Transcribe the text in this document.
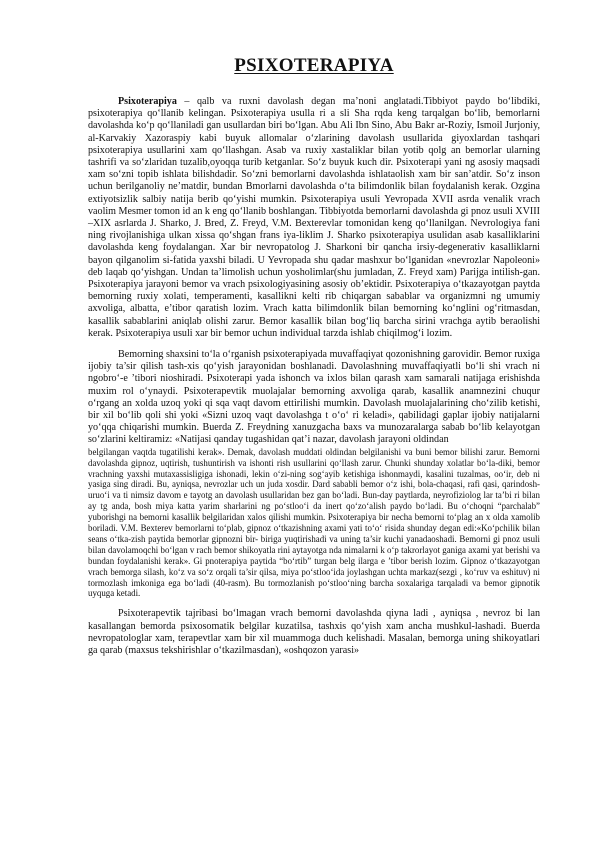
PSIXOTERAPIYA

Psixoterapiya – qalb va ruxni davolash degan ma’noni anglatadi.Tibbiyot paydo bo‘libdiki, psixoterapiya qo‘llanib kelingan. Psixoterapiya usulla ri a sli Sha rqda keng tarqalgan bo‘lib, bemorlarni davolashda ko‘p qo‘llaniladi gan usullardan biri bo‘lgan. Abu Ali Ibn Sino, Abu Bakr ar-Roziy, Ismoil Jurjoniy, al-Karvakiy Xazoraspiy kabi buyuk allomalar o‘zlarining davolash usullarida giyoxlardan tashqari psixoterapiya usullarini xam qo‘llashgan. Asab va ruxiy xastaliklar bilan yotib qolg an bemorlar ularning tashrifi va so‘zlaridan tuzalib,oyoqqa turib ketganlar. So‘z buyuk kuch dir. Psixoterapi yani ng asosiy maqsadi xam so‘zni topib ishlata bilishdadir. So‘zni bemorlarni davolashda ishlataolish xam bir san’atdir. So‘z inson uchun berilganoliy ne’matdir, bundan Bmorlarni davolashda o‘ta bilimdonlik bilan foydalanish kerak. Ozgina extiyotsizlik salbiy natija berib qo‘yishi mumkin. Psixoterapiya usuli Yevropada XVII asrda venalik vrach vaolim Mesmer tomon id an k eng qo‘llanib boshlangan. Tibbiyotda bemorlarni davolashda gi pnoz usuli XVIII –XIX asrlarda J. Sharko, J. Bred, Z. Freyd, V.M. Bexterevlar tomonidan keng qo‘llanilgan. Nevrologiya fani ning rivojlanishiga ulkan xissa qo‘shgan frans iya-liklim J. Sharko psixoterapiya usulidan asab kasalliklarini davolashda keng foydalangan. Xar bir nevropatolog J. Sharkoni bir qancha irsiy-degenerativ kasalliklarni bayon qilganolim si-fatida yaxshi biladi. U Yevropada shu qadar mashxur bo‘lganidan «nevrozlar Napoleoni» deb laqab qo‘yishgan. Undan ta’limolish uchun yosholimlar(shu jumladan, Z. Freyd xam) Parijga intilish-gan. Psixoterapiya jarayoni bemor va vrach psixologiyasining asosiy ob’ektidir. Psixoterapiya o‘tkazayotgan paytda bemorning ruxiy xolati, temperamenti, kasallikni kelti rib chiqargan sabablar va organizmni ng umumiy axvoliga, albatta, e’tibor qaratish lozim. Vrach katta bilimdonlik bilan bemorning ko‘nglini og‘ritmasdan, kasallik sabablarini aniqlab olishi zarur. Bemor kasallik bilan bog‘liq barcha sirini vrachga aytib beraolishi kerak. Psixoterapiya usuli xar bir bemor uchun individual tarzda ishlab chiqilmog‘i lozim.

Bemorning shaxsini to‘la o‘rganish psixoterapiyada muvaffaqiyat qozonishning garovidir. Bemor ruxiga ijobiy ta’sir qilish tash-xis qo‘yish jarayonidan boshlanadi. Davolashning muvaffaqiyatli bo‘li shi vrach ni ngobro‘-e ’tibori nioshiradi. Psixoterapi yada ishonch va ixlos bilan qarash xam samarali natijaga erishishda muxim rol o‘ynaydi. Psixoterapevtik muolajalar bemorning axvoliga qarab, kasallik anamnezini chuqur o‘rgang an xolda uzoq yoki qi sqa vaqt davom ettirilishi mumkin. Davolash muolajalarining cho‘zilib ketishi, bir xil bo‘lib qoli shi yoki «Sizni uzoq vaqt davolashga t o‘o‘ ri keladi», qabilidagi gaplar ijobiy natijalarni yo‘qqa chiqarishi mumkin. Buerda Z. Freydning xanuzgacha baxs va munozaralarga sabab bo‘lib kelayotgan so‘zlarini keltiramiz: «Natijasi qanday tugashidan qat’i nazar, davolash jarayoni oldindan

belgilangan vaqtda tugatilishi kerak». Demak, davolash muddati oldindan belgilanishi va buni bemor bilishi zarur. Bemorni davolashda gipnoz, uqtirish, tushuntirish va ishonti rish usullarini qo‘llash zarur. Chunki shunday xolatlar bo‘la-diki, bemor vrachning yaxshi mutaxassisligiga ishonadi, lekin o‘zi-ning sog‘ayib ketishiga ishonmaydi, kasalini tuzalmas, oo‘ir, deb ni yasiga sing diradi. Bu, ayniqsa, nevrozlar uch un juda xosdir. Dard sababli bemor o‘z ishi, bola-chaqasi, rafi qasi, qarindosh- uruo‘i va ti nimsiz davom e tayotg an davolash usullaridan bez gan bo‘ladi. Bun-day paytlarda, neyrofiziolog lar ta’bi ri bilan ay tg anda, bosh miya katta yarim sharlarini ng po‘stloo‘i da inert qo‘zo‘alish paydo bo‘ladi. Bu o‘choqni “parchalab” yuborishgi na bemorni kasallik belgilaridan xalos qilishi mumkin. Psixoterapiya bir necha bemorni to‘plag an x olda xamolib boriladi. V.M. Bexterev bemorlarni to‘plab, gipnoz o‘tkazishning axami yati to‘o‘ risida shunday degan edi:«Ko‘pchilik bilan seans o‘tka-zish paytida bemorlar gipnozni bir- biriga yuqtirishadi va uning ta’sir kuchi yanadaoshadi. Bemorni gi pnoz usuli bilan davolamoqchi bo‘lgan v rach bemor shikoyatla rini aytayotga nda nimalarni k o‘p takrorlayot ganiga axami yat berishi va bundan foydalanishi kerak». Gi pnoterapiya paytida “bo‘rtib” turgan belg ilarga e ’tibor berish lozim. Gipnoz o‘tkazayotgan vrach bemorga silash, ko‘z va so‘z orqali ta’sir qilsa, miya po‘stloo‘ida joylashgan uchta markaz(sezgi , ko‘ruv va eshituv) ni tormozlash imkoniga ega bo‘ladi (40-rasm). Bu tormozlanish po‘stloo‘ning barcha soxalariga tarqaladi va bemor gipnotik uyquga ketadi.

Psixoterapevtik tajribasi bo‘lmagan vrach bemorni davolashda qiyna ladi , ayniqsa , nevroz bi lan kasallangan bemorda psixosomatik belgilar kuzatilsa, tashxis qo‘yish xam ancha mushkul-lashadi. Buerda nevropatologlar xam, terapevtlar xam bir xil muammoga duch kelishadi. Masalan, bemorga uning shikoyatlari ga qarab (maxsus tekshirishlar o‘tkazilmasdan), «oshqozon yarasi»
